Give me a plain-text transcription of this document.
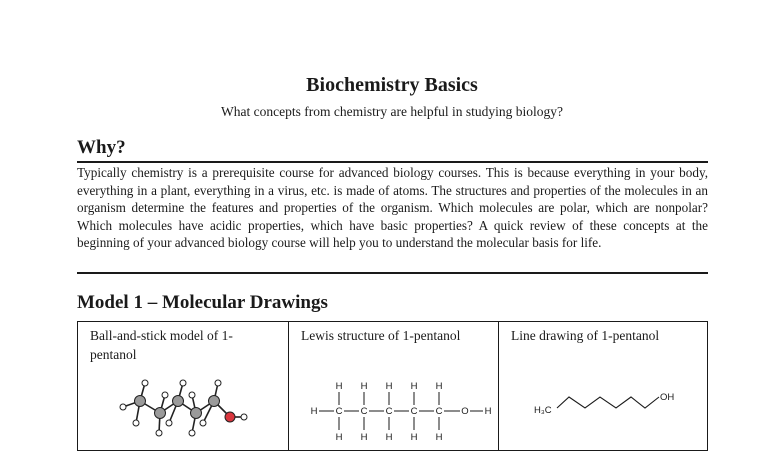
Biochemistry Basics
What concepts from chemistry are helpful in studying biology?
Why?
Typically chemistry is a prerequisite course for advanced biology courses. This is because everything in your body, everything in a plant, everything in a virus, etc. is made of atoms. The structures and properties of the molecules in an organism determine the features and properties of the organism. Which molecules are polar, which are nonpolar? Which molecules have acidic properties, which have basic properties? A quick review of these concepts at the beginning of your advanced biology course will help you to understand the molecular basis for life.
Model 1 – Molecular Drawings
Ball-and-stick model of 1-pentanol
Lewis structure of 1-pentanol
H C
H
H
C
H
H
C
H
H
C
H
H
C
H
H
O H
Line drawing of 1-pentanol
H₃C
OH
